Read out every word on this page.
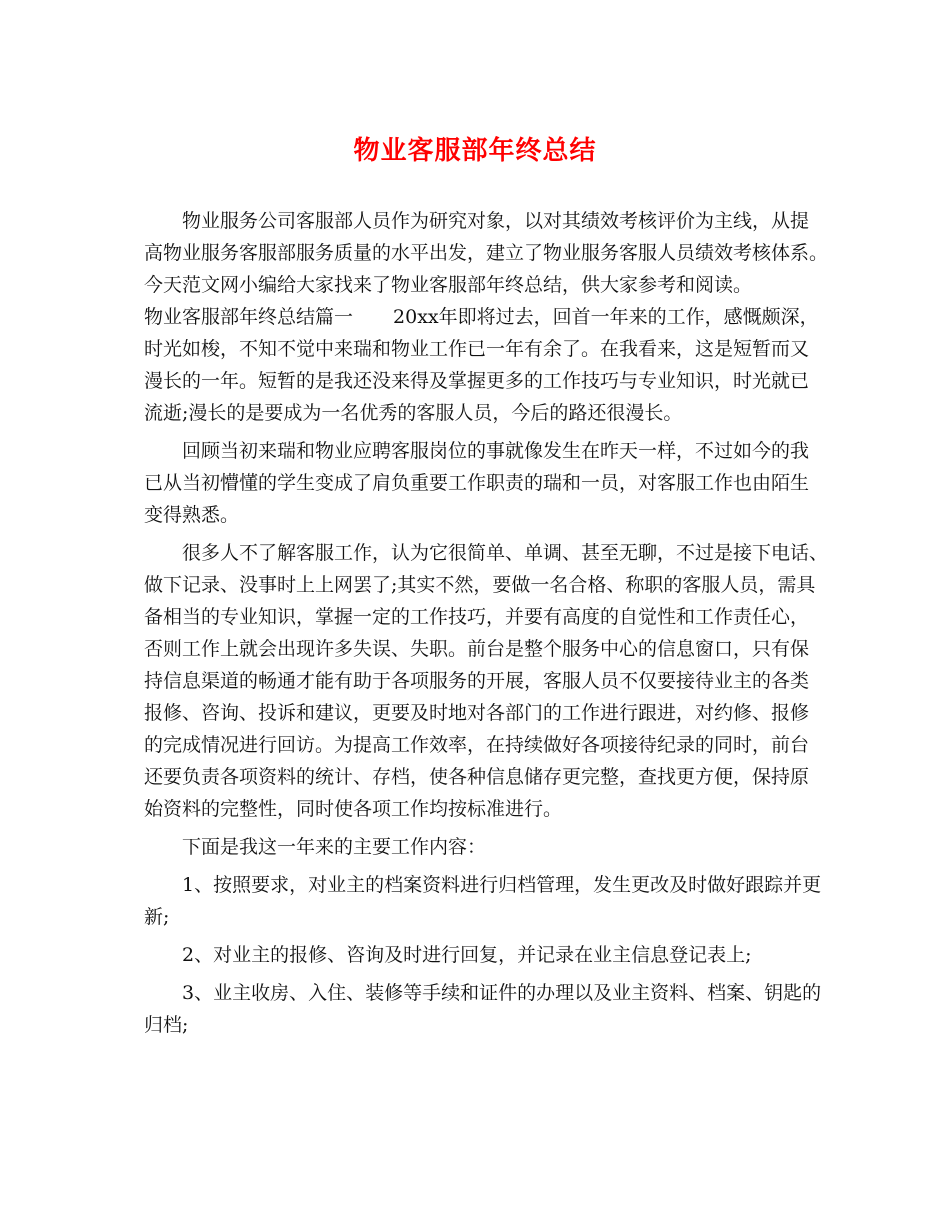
物业客服部年终总结
物业服务公司客服部人员作为研究对象，以对其绩效考核评价为主线，从提
高物业服务客服部服务质量的水平出发，建立了物业服务客服人员绩效考核体系。
今天范文网小编给大家找来了物业客服部年终总结，供大家参考和阅读。
物业客服部年终总结篇一 20xx年即将过去，回首一年来的工作，感慨颇深，
时光如梭，不知不觉中来瑞和物业工作已一年有余了。在我看来，这是短暂而又
漫长的一年。短暂的是我还没来得及掌握更多的工作技巧与专业知识，时光就已
流逝;漫长的是要成为一名优秀的客服人员，今后的路还很漫长。
回顾当初来瑞和物业应聘客服岗位的事就像发生在昨天一样，不过如今的我
已从当初懵懂的学生变成了肩负重要工作职责的瑞和一员，对客服工作也由陌生
变得熟悉。
很多人不了解客服工作，认为它很简单、单调、甚至无聊，不过是接下电话、
做下记录、没事时上上网罢了;其实不然，要做一名合格、称职的客服人员，需具
备相当的专业知识，掌握一定的工作技巧，并要有高度的自觉性和工作责任心，
否则工作上就会出现许多失误、失职。前台是整个服务中心的信息窗口，只有保
持信息渠道的畅通才能有助于各项服务的开展，客服人员不仅要接待业主的各类
报修、咨询、投诉和建议，更要及时地对各部门的工作进行跟进，对约修、报修
的完成情况进行回访。为提高工作效率，在持续做好各项接待纪录的同时，前台
还要负责各项资料的统计、存档，使各种信息储存更完整，查找更方便，保持原
始资料的完整性，同时使各项工作均按标准进行。
下面是我这一年来的主要工作内容：
1、按照要求，对业主的档案资料进行归档管理，发生更改及时做好跟踪并更
新;
2、对业主的报修、咨询及时进行回复，并记录在业主信息登记表上;
3、业主收房、入住、装修等手续和证件的办理以及业主资料、档案、钥匙的
归档;
